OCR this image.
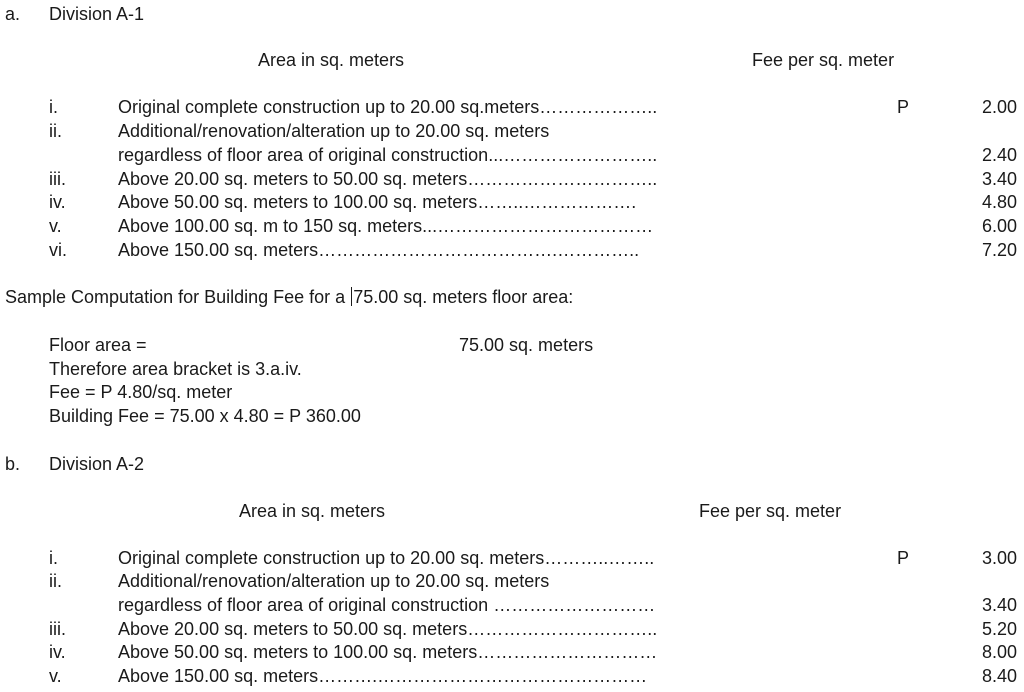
a. Division A-1
Area in sq. meters	Fee per sq. meter
i.	Original complete construction up to 20.00 sq.meters………………..	P	2.00
ii.	Additional/renovation/alteration up to 20.00 sq. meters
regardless of floor area of original construction...……………………..	2.40
iii.	Above 20.00 sq. meters to 50.00 sq. meters…………………………..	3.40
iv.	Above 50.00 sq. meters to 100.00 sq. meters……..……………….	4.80
v.	Above 100.00 sq. m to 150 sq. meters...………………………………	6.00
vi.	Above 150.00 sq. meters………………………………….…………..	7.20
Sample Computation for Building Fee for a 75.00 sq. meters floor area:
Floor area =	75.00 sq. meters
Therefore area bracket is 3.a.iv.
Fee = P 4.80/sq. meter
Building Fee = 75.00 x 4.80 = P 360.00
b. Division A-2
Area in sq. meters	Fee per sq. meter
i.	Original complete construction up to 20.00 sq. meters………..……..	P	3.00
ii.	Additional/renovation/alteration up to 20.00 sq. meters
regardless of floor area of original construction ………………………	3.40
iii.	Above 20.00 sq. meters to 50.00 sq. meters…………………………..	5.20
iv.	Above 50.00 sq. meters to 100.00 sq. meters…………………………	8.00
v.	Above 150.00 sq. meters……….………………………………………	8.40
